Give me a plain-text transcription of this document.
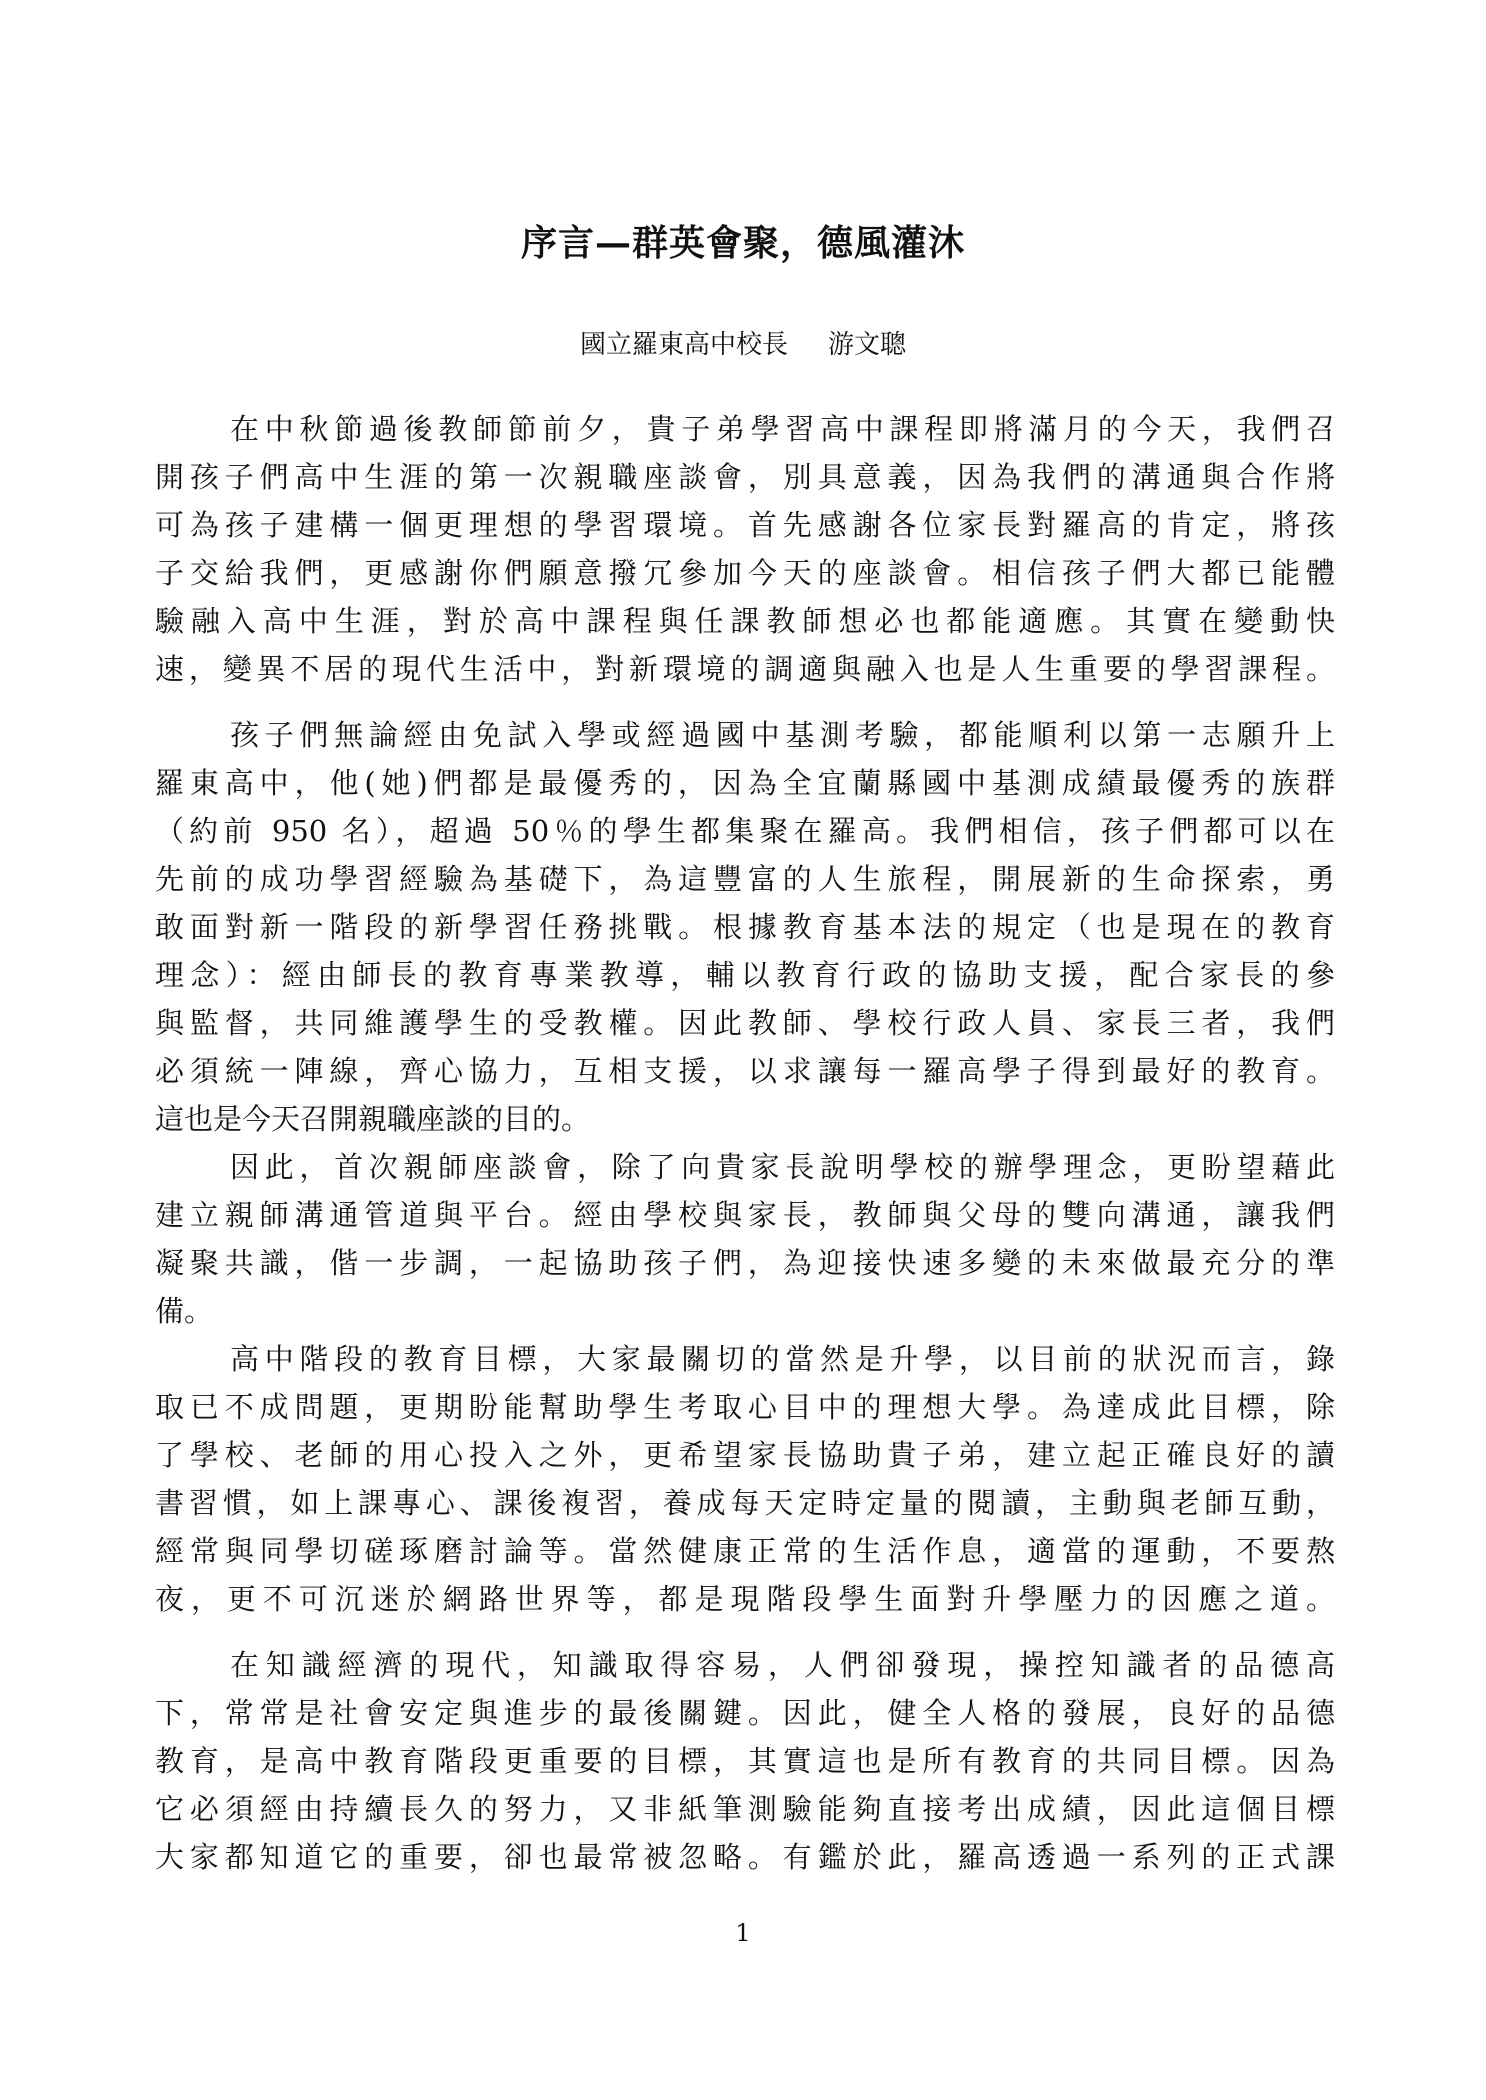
序言—群英會聚，德風灌沐
國立羅東高中校長 游文聰
在中秋節過後教師節前夕，貴子弟學習高中課程即將滿月的今天，我們召
開孩子們高中生涯的第一次親職座談會，別具意義，因為我們的溝通與合作將
可為孩子建構一個更理想的學習環境。首先感謝各位家長對羅高的肯定，將孩
子交給我們，更感謝你們願意撥冗參加今天的座談會。相信孩子們大都已能體
驗融入高中生涯，對於高中課程與任課教師想必也都能適應。其實在變動快
速，變異不居的現代生活中，對新環境的調適與融入也是人生重要的學習課程。
孩子們無論經由免試入學或經過國中基測考驗，都能順利以第一志願升上
羅東高中，他(她)們都是最優秀的，因為全宜蘭縣國中基測成績最優秀的族群
（約前 950 名），超過 50％的學生都集聚在羅高。我們相信，孩子們都可以在
先前的成功學習經驗為基礎下，為這豐富的人生旅程，開展新的生命探索，勇
敢面對新一階段的新學習任務挑戰。根據教育基本法的規定（也是現在的教育
理念）：經由師長的教育專業教導，輔以教育行政的協助支援，配合家長的參
與監督，共同維護學生的受教權。因此教師、學校行政人員、家長三者，我們
必須統一陣線，齊心協力，互相支援，以求讓每一羅高學子得到最好的教育。
這也是今天召開親職座談的目的。
因此，首次親師座談會，除了向貴家長說明學校的辦學理念，更盼望藉此
建立親師溝通管道與平台。經由學校與家長，教師與父母的雙向溝通，讓我們
凝聚共識，偕一步調，一起協助孩子們，為迎接快速多變的未來做最充分的準
備。
高中階段的教育目標，大家最關切的當然是升學，以目前的狀況而言，錄
取已不成問題，更期盼能幫助學生考取心目中的理想大學。為達成此目標，除
了學校、老師的用心投入之外，更希望家長協助貴子弟，建立起正確良好的讀
書習慣，如上課專心、課後複習，養成每天定時定量的閱讀，主動與老師互動，
經常與同學切磋琢磨討論等。當然健康正常的生活作息，適當的運動，不要熬
夜，更不可沉迷於網路世界等，都是現階段學生面對升學壓力的因應之道。
在知識經濟的現代，知識取得容易，人們卻發現，操控知識者的品德高
下，常常是社會安定與進步的最後關鍵。因此，健全人格的發展，良好的品德
教育，是高中教育階段更重要的目標，其實這也是所有教育的共同目標。因為
它必須經由持續長久的努力，又非紙筆測驗能夠直接考出成績，因此這個目標
大家都知道它的重要，卻也最常被忽略。有鑑於此，羅高透過一系列的正式課
1
